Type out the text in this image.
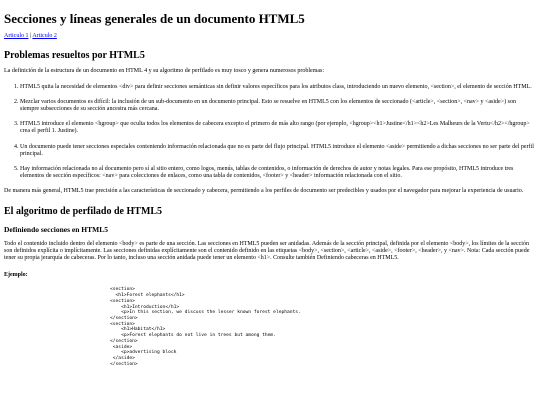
Secciones y líneas generales de un documento HTML5
Articulo 1 | Articulo 2
Problemas resueltos por HTML5

La definición de la estructura de un documento en HTML 4 y su algoritmo de perfilado es muy tosco y genera numerosos problemas:

1. HTML5 quita la necesidad de elementos <div> para definir secciones semánticas sin definir valores específicos para los atributos class, introduciendo un nuevo elemento, <section>, el elemento de sección HTML.
2. Mezclar varios documentos es difícil: la inclusión de un sub-documento en un documento principal. Esto se resuelve en HTML5 con los elementos de seccionado (<article>, <section>, <nav> y <aside>) son siempre subsecciones de su sección ancestra más cercana.
3. HTML5 introduce el elemento <hgroup> que oculta todos los elementos de cabecera excepto el primero de más alto rango (por ejemplo, <hgroup><h1>Justine</h1><h2>Les Malheurs de la Vertu</h2></hgroup> crea el perfil 1. Justine).
4. Un documento puede tener secciones especiales conteniendo información relacionada que no es parte del flujo principal. HTML5 introduce el elemento <aside> permitiendo a dichas secciones no ser parte del perfil principal.
5. Hay información relacionada no al documento pero sí al sitio entero, como logos, menús, tablas de contenidos, o información de derechos de autor y notas legales. Para ese propósito, HTML5 introduce tres elementos de sección específicos: <nav> para colecciones de enlaces, como una tabla de contenidos, <footer> y <header> información relacionada con el sitio.

De manera más general, HTML5 trae precisión a las características de seccionado y cabecera, permitiendo a los perfiles de documento ser predecibles y usados por el navegador para mejorar la experiencia de usuario.

El algoritmo de perfilado de HTML5
Definiendo secciones en HTML5

Todo el contenido incluido dentro del elemento <body> es parte de una sección. Las secciones en HTML5 pueden ser anidadas. Además de la sección principal, definida por el elemento <body>, los límites de la sección son definidos explícita o implícitamente. Las secciones definidas explícitamente son el contenido definido en las etiquetas <body>, <section>, <article>, <aside>, <footer>, <header>, y <nav>. Nota: Cada sección puede tener su propia jerarquía de cabeceras. Por lo tanto, incluso una sección anidada puede tener un elemento <h1>. Consulte también Definiendo cabeceras en HTML5.

Ejemplo:
<section>
<h1>Forest elephants</h1>
<section>
<h1>Introduction</h1>
<p>In this section, we discuss the lesser known forest elephants.
</section>
<section>
<h1>Habitat</h1>
<p>Forest elephants do not live in trees but among them.
</section>
<aside>
<p>advertising block
</aside>
</section>
